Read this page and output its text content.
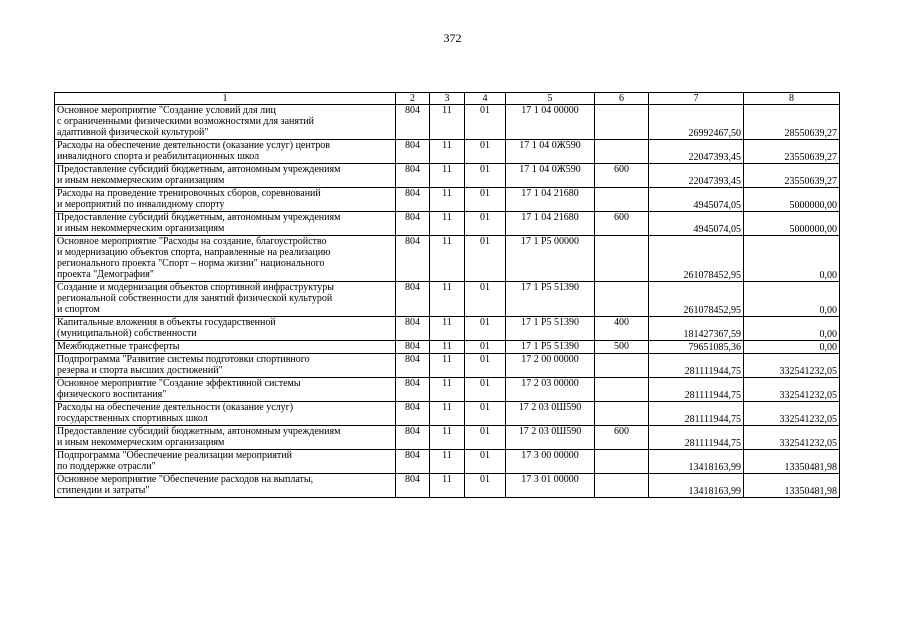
372
1	2	3	4	5	6	7	8

Основное мероприятие "Создание условий для лиц
с ограниченными физическими возможностями для занятий
адаптивной физической культурой"	804	11	01	17 1 04 00000		26992467,50	28550639,27

Расходы на обеспечение деятельности (оказание услуг) центров
инвалидного спорта и реабилитационных школ	804	11	01	17 1 04 0Ж590		22047393,45	23550639,27

Предоставление субсидий бюджетным, автономным учреждениям
и иным некоммерческим организациям	804	11	01	17 1 04 0Ж590	600	22047393,45	23550639,27

Расходы на проведение тренировочных сборов, соревнований
и мероприятий по инвалидному спорту	804	11	01	17 1 04 21680		4945074,05	5000000,00

Предоставление субсидий бюджетным, автономным учреждениям
и иным некоммерческим организациям	804	11	01	17 1 04 21680	600	4945074,05	5000000,00

Основное мероприятие "Расходы на создание, благоустройство
и модернизацию объектов спорта, направленные на реализацию
регионального проекта "Спорт – норма жизни" национального
проекта "Демография"	804	11	01	17 1 Р5 00000		261078452,95	0,00

Создание и модернизация объектов спортивной инфраструктуры
региональной собственности для занятий физической культурой
и спортом	804	11	01	17 1 Р5 51390		261078452,95	0,00

Капитальные вложения в объекты государственной
(муниципальной) собственности	804	11	01	17 1 Р5 51390	400	181427367,59	0,00

Межбюджетные трансферты	804	11	01	17 1 Р5 51390	500	79651085,36	0,00

Подпрограмма "Развитие системы подготовки спортивного
резерва и спорта высших достижений"	804	11	01	17 2 00 00000		281111944,75	332541232,05

Основное мероприятие "Создание эффективной системы
физического воспитания"	804	11	01	17 2 03 00000		281111944,75	332541232,05

Расходы на обеспечение деятельности (оказание услуг)
государственных спортивных школ	804	11	01	17 2 03 0Ш590		281111944,75	332541232,05

Предоставление субсидий бюджетным, автономным учреждениям
и иным некоммерческим организациям	804	11	01	17 2 03 0Ш590	600	281111944,75	332541232,05

Подпрограмма "Обеспечение реализации мероприятий
по поддержке отрасли"	804	11	01	17 3 00 00000		13418163,99	13350481,98

Основное мероприятие "Обеспечение расходов на выплаты,
стипендии и затраты"	804	11	01	17 3 01 00000		13418163,99	13350481,98
